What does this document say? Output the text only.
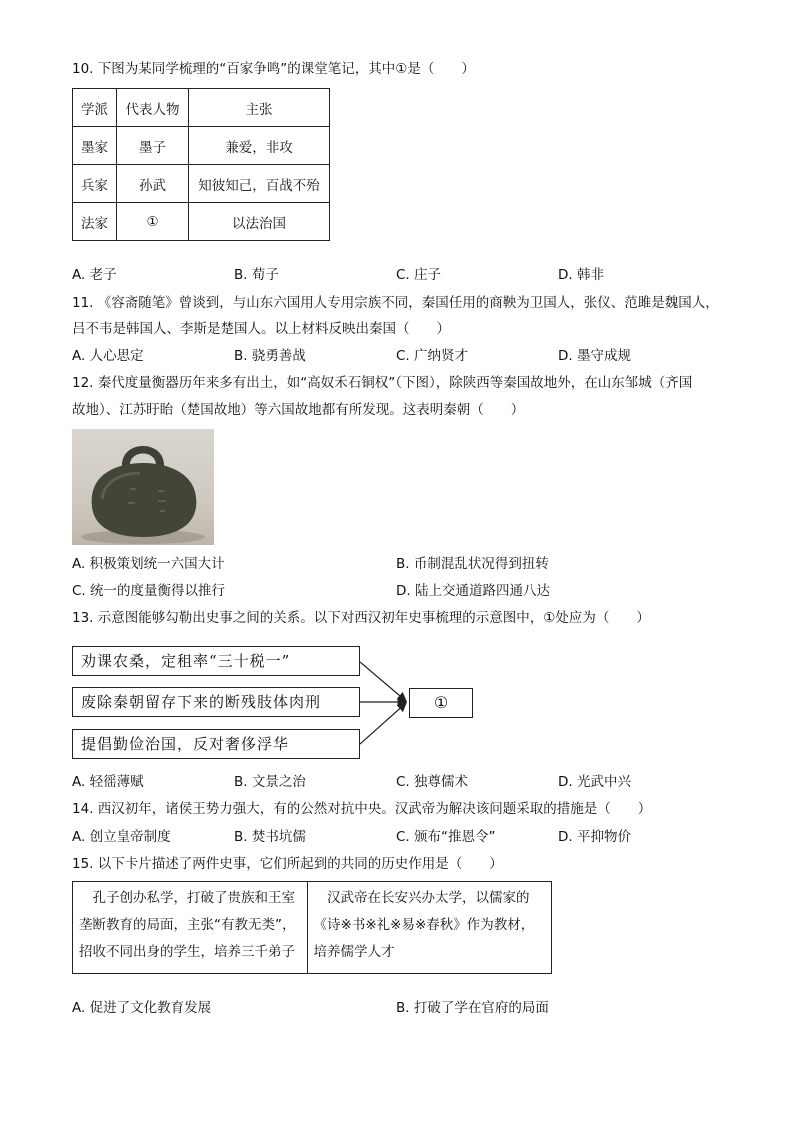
10. 下图为某同学梳理的“百家争鸣”的课堂笔记，其中①是（　　）
学派	代表人物	主张
墨家	墨子	兼爱，非攻
兵家	孙武	知彼知己，百战不殆
法家	①	以法治国
A. 老子	B. 荀子	C. 庄子	D. 韩非
11. 《容斋随笔》曾谈到，与山东六国用人专用宗族不同，秦国任用的商鞅为卫国人，张仪、范雎是魏国人，
吕不韦是韩国人、李斯是楚国人。以上材料反映出秦国（　　）
A. 人心思定	B. 骁勇善战	C. 广纳贤才	D. 墨守成规
12. 秦代度量衡器历年来多有出土，如“高奴禾石铜权”（下图），除陕西等秦国故地外，在山东邹城（齐国
故地）、江苏盱眙（楚国故地）等六国故地都有所发现。这表明秦朝（　　）
A. 积极策划统一六国大计	B. 币制混乱状况得到扭转
C. 统一的度量衡得以推行	D. 陆上交通道路四通八达
13. 示意图能够勾勒出史事之间的关系。以下对西汉初年史事梳理的示意图中，①处应为（　　）
劝课农桑，定租率“三十税一”
废除秦朝留存下来的断残肢体肉刑
提倡勤俭治国，反对奢侈浮华
①
A. 轻徭薄赋	B. 文景之治	C. 独尊儒术	D. 光武中兴
14. 西汉初年，诸侯王势力强大，有的公然对抗中央。汉武帝为解决该问题采取的措施是（　　）
A. 创立皇帝制度	B. 焚书坑儒	C. 颁布“推恩令”	D. 平抑物价
15. 以下卡片描述了两件史事，它们所起到的共同的历史作用是（　　）
　孔子创办私学，打破了贵族和王室垄断教育的局面，主张“有教无类”，招收不同出身的学生，培养三千弟子	　汉武帝在长安兴办太学，以儒家的《诗※书※礼※易※春秋》作为教材，培养儒学人才
A. 促进了文化教育发展	B. 打破了学在官府的局面
